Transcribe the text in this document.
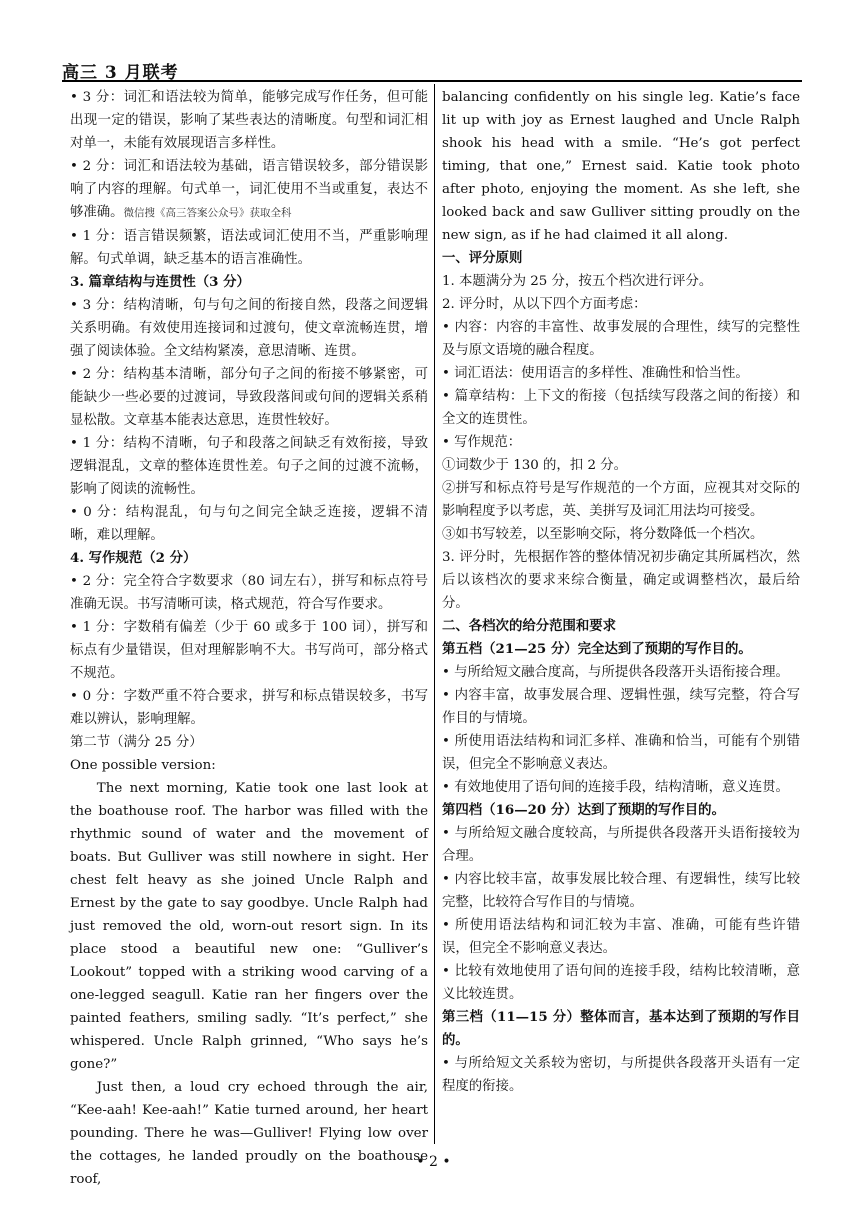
高三 3 月联考

• 3 分：词汇和语法较为简单，能够完成写作任务，但可能出现一定的错误，影响了某些表达的清晰度。句型和词汇相对单一，未能有效展现语言多样性。

• 2 分：词汇和语法较为基础，语言错误较多，部分错误影响了内容的理解。句式单一，词汇使用不当或重复，表达不够准确。微信搜《高三答案公众号》获取全科

• 1 分：语言错误频繁，语法或词汇使用不当，严重影响理解。句式单调，缺乏基本的语言准确性。

3. 篇章结构与连贯性（3 分）

• 3 分：结构清晰，句与句之间的衔接自然，段落之间逻辑关系明确。有效使用连接词和过渡句，使文章流畅连贯，增强了阅读体验。全文结构紧凑，意思清晰、连贯。

• 2 分：结构基本清晰，部分句子之间的衔接不够紧密，可能缺少一些必要的过渡词，导致段落间或句间的逻辑关系稍显松散。文章基本能表达意思，连贯性较好。

• 1 分：结构不清晰，句子和段落之间缺乏有效衔接，导致逻辑混乱，文章的整体连贯性差。句子之间的过渡不流畅，影响了阅读的流畅性。

• 0 分：结构混乱，句与句之间完全缺乏连接，逻辑不清晰，难以理解。

4. 写作规范（2 分）

• 2 分：完全符合字数要求（80 词左右），拼写和标点符号准确无误。书写清晰可读，格式规范，符合写作要求。

• 1 分：字数稍有偏差（少于 60 或多于 100 词），拼写和标点有少量错误，但对理解影响不大。书写尚可，部分格式不规范。

• 0 分：字数严重不符合要求，拼写和标点错误较多，书写难以辨认，影响理解。

第二节（满分 25 分）

One possible version:

The next morning, Katie took one last look at the boathouse roof. The harbor was filled with the rhythmic sound of water and the movement of boats. But Gulliver was still nowhere in sight. Her chest felt heavy as she joined Uncle Ralph and Ernest by the gate to say goodbye. Uncle Ralph had just removed the old, worn-out resort sign. In its place stood a beautiful new one: “Gulliver’s Lookout” topped with a striking wood carving of a one-legged seagull. Katie ran her fingers over the painted feathers, smiling sadly. “It’s perfect,” she whispered. Uncle Ralph grinned, “Who says he’s gone?”

Just then, a loud cry echoed through the air, “Kee-aah! Kee-aah!” Katie turned around, her heart pounding. There he was—Gulliver! Flying low over the cottages, he landed proudly on the boathouse roof,

balancing confidently on his single leg. Katie’s face lit up with joy as Ernest laughed and Uncle Ralph shook his head with a smile. “He’s got perfect timing, that one,” Ernest said. Katie took photo after photo, enjoying the moment. As she left, she looked back and saw Gulliver sitting proudly on the new sign, as if he had claimed it all along.

一、评分原则

1. 本题满分为 25 分，按五个档次进行评分。

2. 评分时，从以下四个方面考虑：

• 内容：内容的丰富性、故事发展的合理性，续写的完整性及与原文语境的融合程度。

• 词汇语法：使用语言的多样性、准确性和恰当性。

• 篇章结构：上下文的衔接（包括续写段落之间的衔接）和全文的连贯性。

• 写作规范：

①词数少于 130 的，扣 2 分。

②拼写和标点符号是写作规范的一个方面，应视其对交际的影响程度予以考虑，英、美拼写及词汇用法均可接受。

③如书写较差，以至影响交际，将分数降低一个档次。

3. 评分时，先根据作答的整体情况初步确定其所属档次，然后以该档次的要求来综合衡量，确定或调整档次，最后给分。

二、各档次的给分范围和要求

第五档（21—25 分）完全达到了预期的写作目的。

• 与所给短文融合度高，与所提供各段落开头语衔接合理。

• 内容丰富，故事发展合理、逻辑性强，续写完整，符合写作目的与情境。

• 所使用语法结构和词汇多样、准确和恰当，可能有个别错误，但完全不影响意义表达。

• 有效地使用了语句间的连接手段，结构清晰，意义连贯。

第四档（16—20 分）达到了预期的写作目的。

• 与所给短文融合度较高，与所提供各段落开头语衔接较为合理。

• 内容比较丰富，故事发展比较合理、有逻辑性，续写比较完整，比较符合写作目的与情境。

• 所使用语法结构和词汇较为丰富、准确，可能有些许错误，但完全不影响意义表达。

• 比较有效地使用了语句间的连接手段，结构比较清晰，意义比较连贯。

第三档（11—15 分）整体而言，基本达到了预期的写作目的。

• 与所给短文关系较为密切，与所提供各段落开头语有一定程度的衔接。

• 2 •
